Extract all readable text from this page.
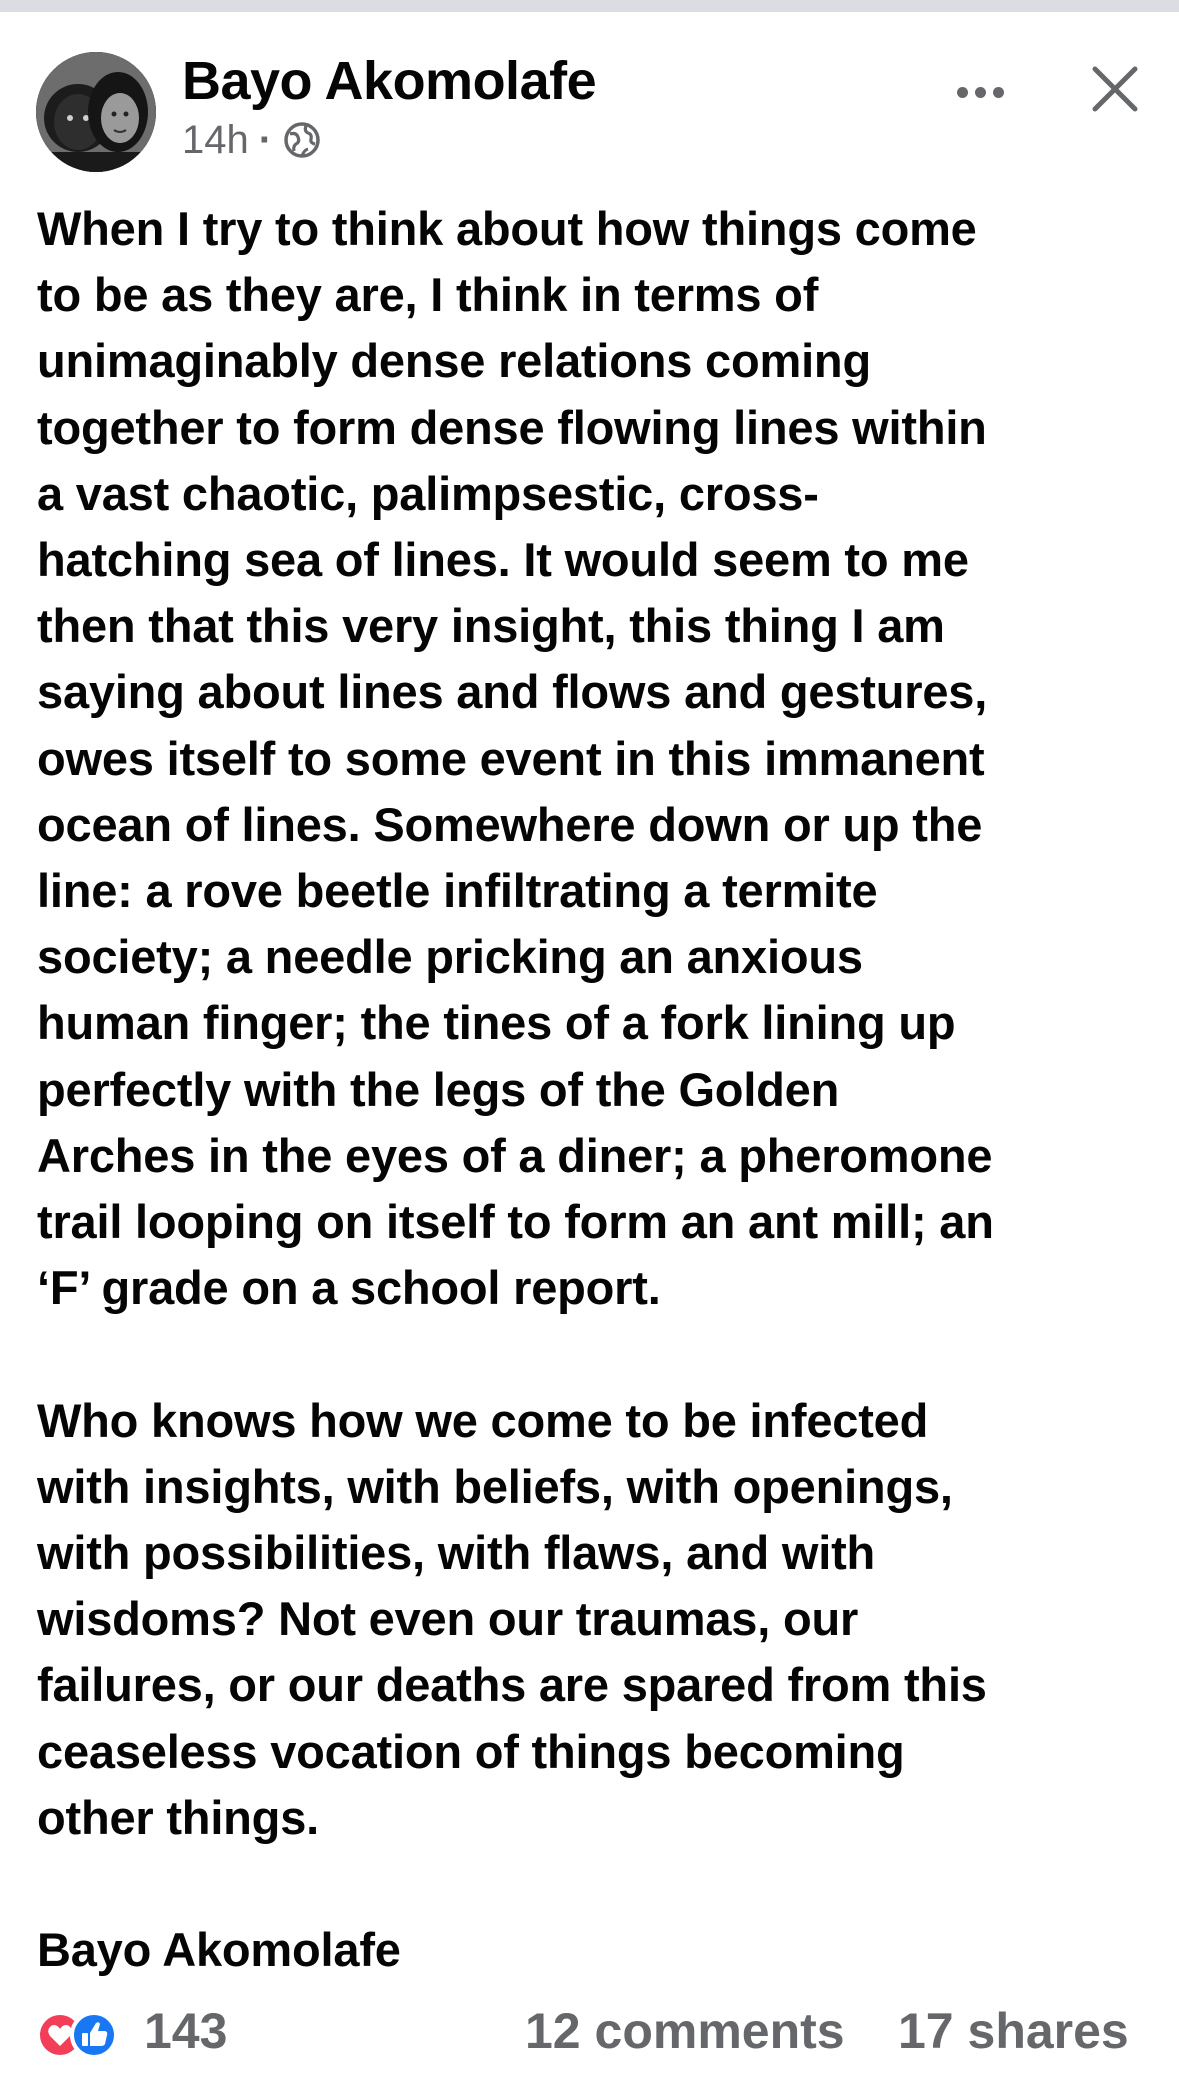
Bayo Akomolafe
14h ·

When I try to think about how things come
to be as they are, I think in terms of
unimaginably dense relations coming
together to form dense flowing lines within
a vast chaotic, palimpsestic, cross-
hatching sea of lines. It would seem to me
then that this very insight, this thing I am
saying about lines and flows and gestures,
owes itself to some event in this immanent
ocean of lines. Somewhere down or up the
line: a rove beetle infiltrating a termite
society; a needle pricking an anxious
human finger; the tines of a fork lining up
perfectly with the legs of the Golden
Arches in the eyes of a diner; a pheromone
trail looping on itself to form an ant mill; an
‘F’ grade on a school report.

Who knows how we come to be infected
with insights, with beliefs, with openings,
with possibilities, with flaws, and with
wisdoms? Not even our traumas, our
failures, or our deaths are spared from this
ceaseless vocation of things becoming
other things.

Bayo Akomolafe

143	12 comments 17 shares
